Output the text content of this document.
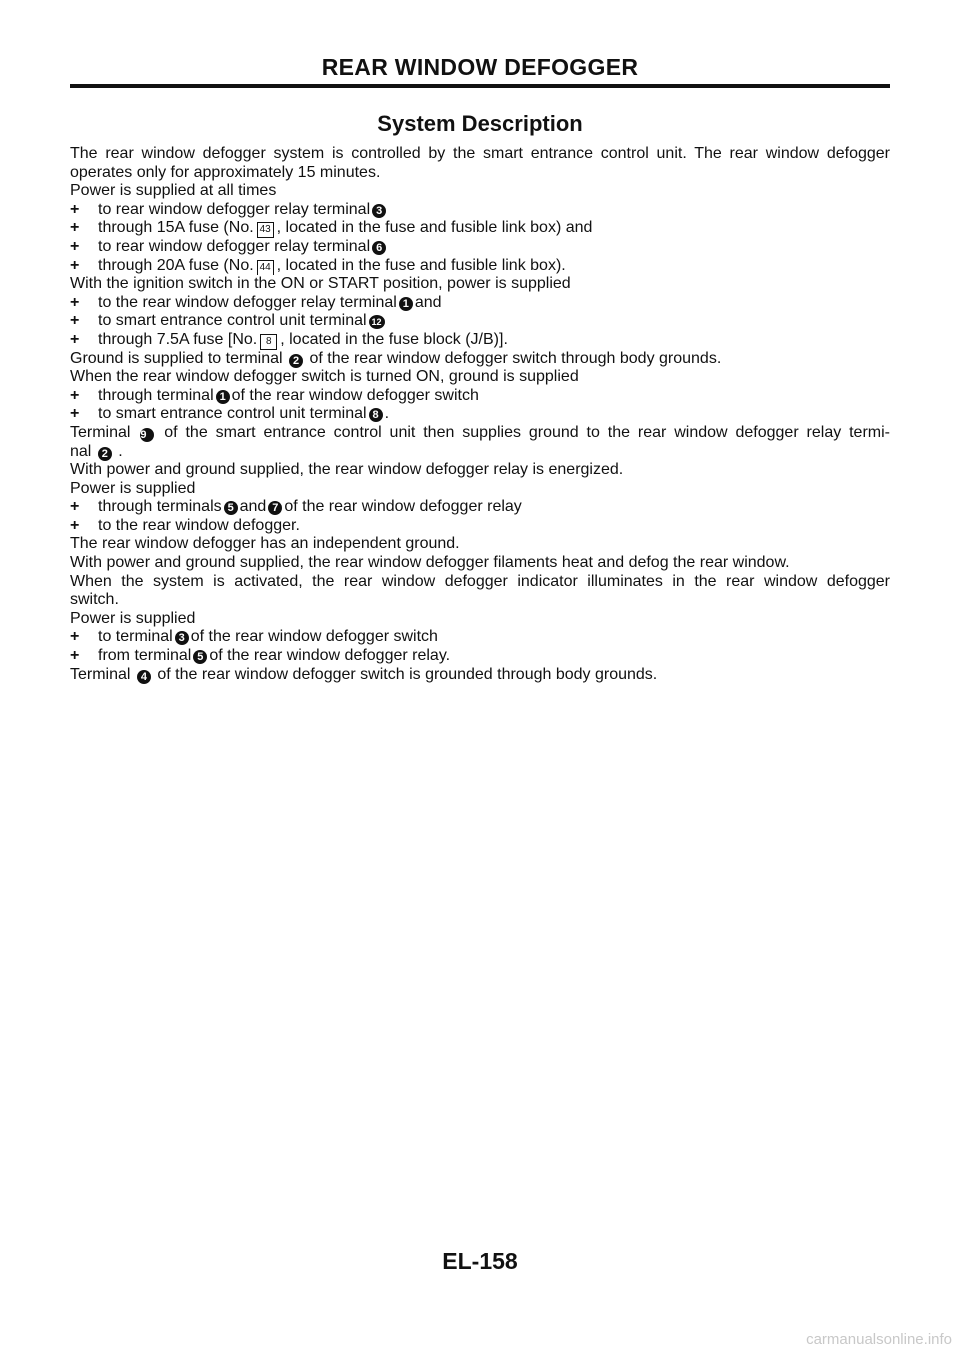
REAR WINDOW DEFOGGER
System Description
The rear window defogger system is controlled by the smart entrance control unit. The rear window defogger
operates only for approximately 15 minutes.
Power is supplied at all times
+	to rear window defogger relay terminal 3
+	through 15A fuse (No. 43 , located in the fuse and fusible link box) and
+	to rear window defogger relay terminal 6
+	through 20A fuse (No. 44 , located in the fuse and fusible link box).
With the ignition switch in the ON or START position, power is supplied
+	to the rear window defogger relay terminal 1 and
+	to smart entrance control unit terminal 12
+	through 7.5A fuse [No. 8 , located in the fuse block (J/B)].
Ground is supplied to terminal 2 of the rear window defogger switch through body grounds.
When the rear window defogger switch is turned ON, ground is supplied
+	through terminal 1 of the rear window defogger switch
+	to smart entrance control unit terminal 8 .
Terminal 9 of the smart entrance control unit then supplies ground to the rear window defogger relay termi-
nal 2 .
With power and ground supplied, the rear window defogger relay is energized.
Power is supplied
+	through terminals 5 and 7 of the rear window defogger relay
+	to the rear window defogger.
The rear window defogger has an independent ground.
With power and ground supplied, the rear window defogger filaments heat and defog the rear window.
When the system is activated, the rear window defogger indicator illuminates in the rear window defogger
switch.
Power is supplied
+	to terminal 3 of the rear window defogger switch
+	from terminal 5 of the rear window defogger relay.
Terminal 4 of the rear window defogger switch is grounded through body grounds.
EL-158
carmanualsonline.info
